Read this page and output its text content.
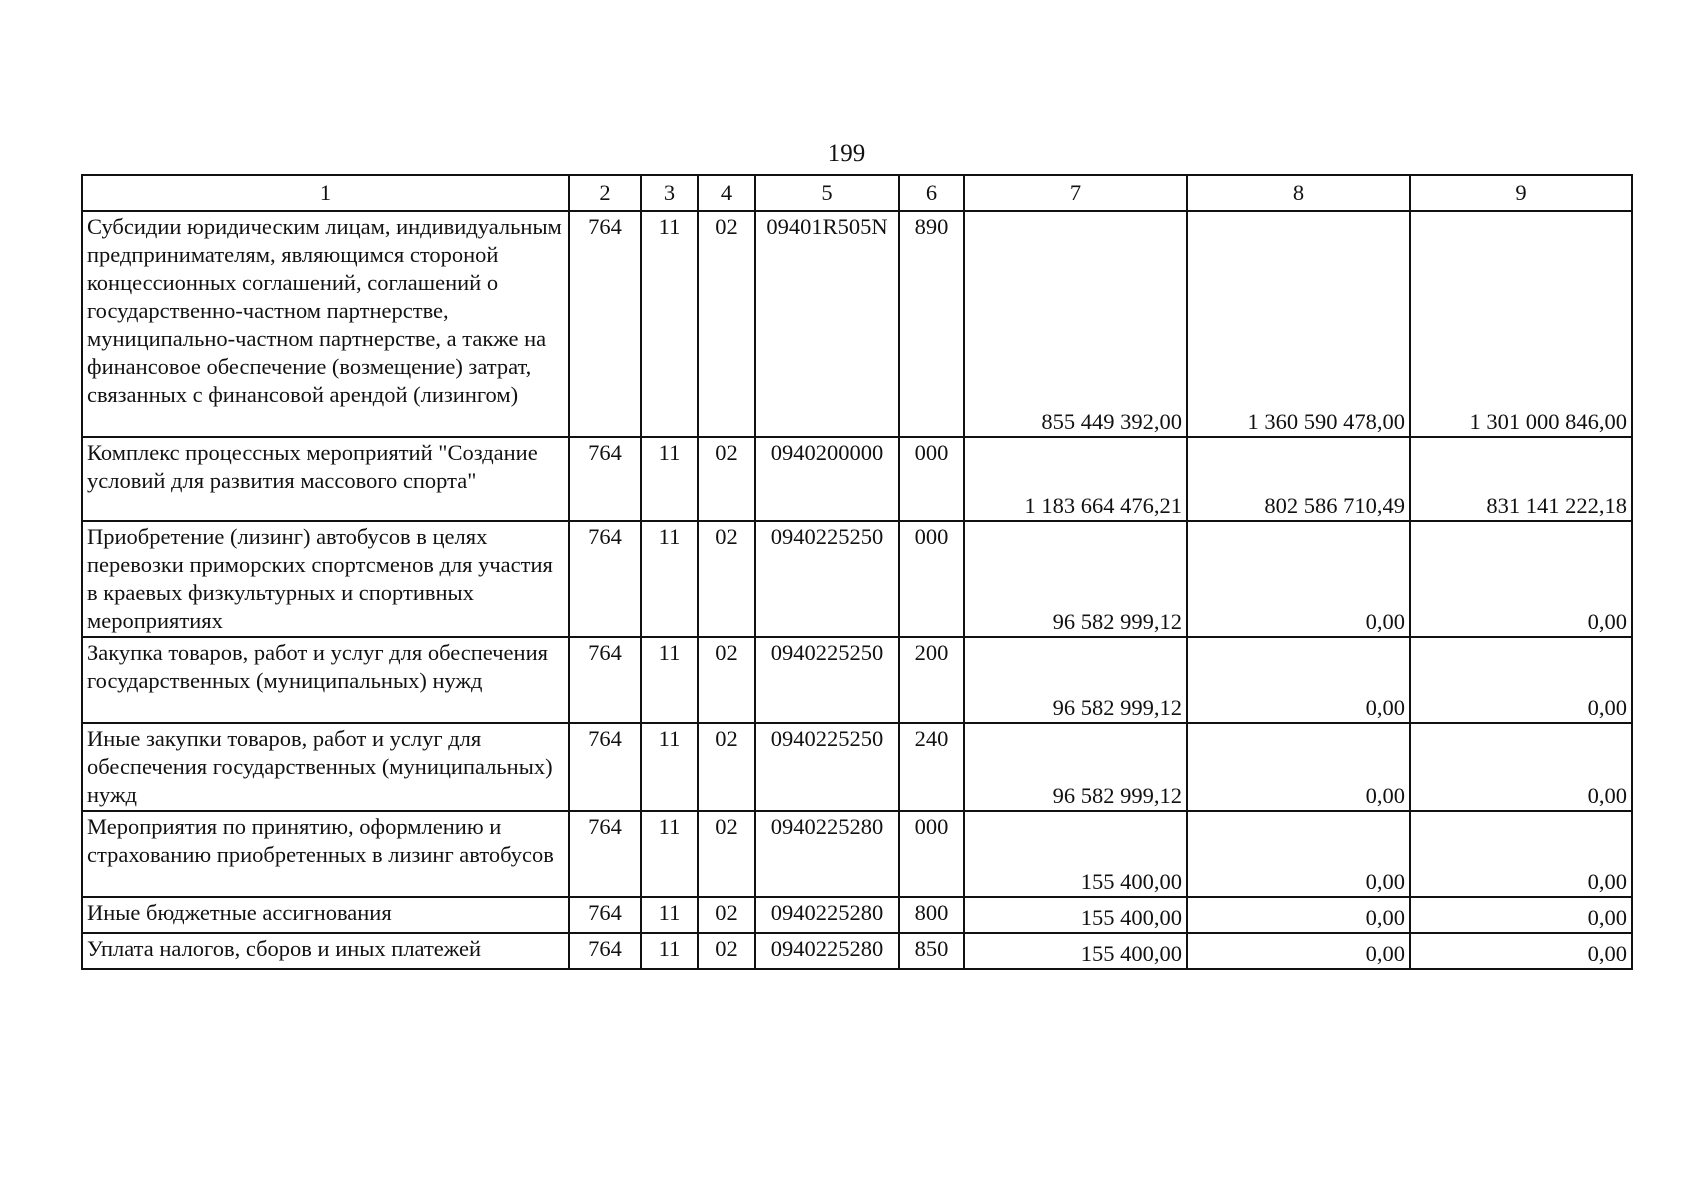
199
1	2	3	4	5	6	7	8	9
Субсидии юридическим лицам, индивидуальным предпринимателям, являющимся стороной концессионных соглашений, соглашений о государственно-частном партнерстве, муниципально-частном партнерстве, а также на финансовое обеспечение (возмещение) затрат, связанных с финансовой арендой (лизингом)	764	11	02	09401R505N	890	855 449 392,00	1 360 590 478,00	1 301 000 846,00
Комплекс процессных мероприятий "Создание условий для развития массового спорта"	764	11	02	0940200000	000	1 183 664 476,21	802 586 710,49	831 141 222,18
Приобретение (лизинг) автобусов в целях перевозки приморских спортсменов для участия в краевых физкультурных и спортивных мероприятиях	764	11	02	0940225250	000	96 582 999,12	0,00	0,00
Закупка товаров, работ и услуг для обеспечения государственных (муниципальных) нужд	764	11	02	0940225250	200	96 582 999,12	0,00	0,00
Иные закупки товаров, работ и услуг для обеспечения государственных (муниципальных) нужд	764	11	02	0940225250	240	96 582 999,12	0,00	0,00
Мероприятия по принятию, оформлению и страхованию приобретенных в лизинг автобусов	764	11	02	0940225280	000	155 400,00	0,00	0,00
Иные бюджетные ассигнования	764	11	02	0940225280	800	155 400,00	0,00	0,00
Уплата налогов, сборов и иных платежей	764	11	02	0940225280	850	155 400,00	0,00	0,00
